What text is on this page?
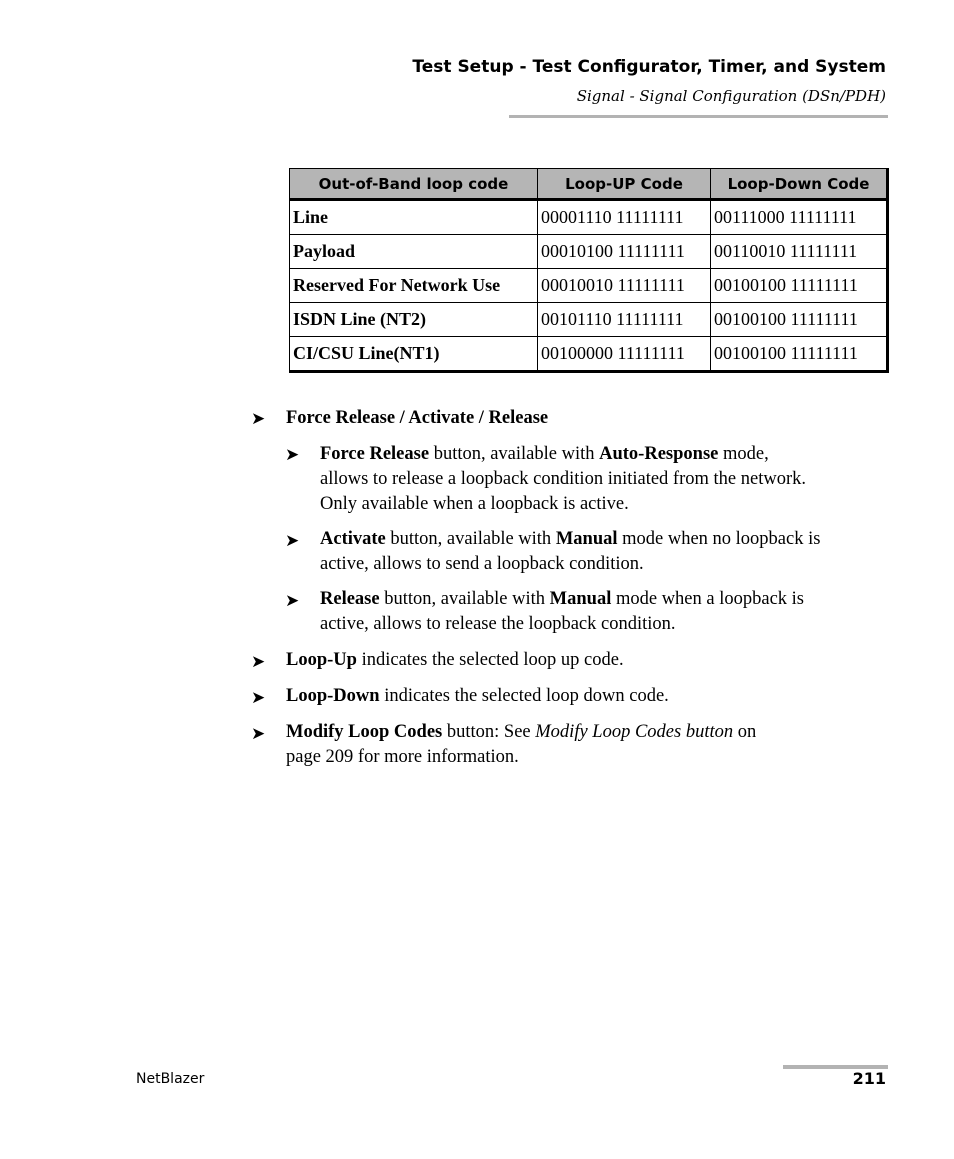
Test Setup - Test Configurator, Timer, and System
Signal - Signal Configuration (DSn/PDH)
Out-of-Band loop code	Loop-UP Code	Loop-Down Code
Line	00001110 11111111	00111000 11111111
Payload	00010100 11111111	00110010 11111111
Reserved For Network Use	00010010 11111111	00100100 11111111
ISDN Line (NT2)	00101110 11111111	00100100 11111111
CI/CSU Line(NT1)	00100000 11111111	00100100 11111111
➤ Force Release / Activate / Release
➤ Force Release button, available with Auto-Response mode,
allows to release a loopback condition initiated from the network.
Only available when a loopback is active.
➤ Activate button, available with Manual mode when no loopback is
active, allows to send a loopback condition.
➤ Release button, available with Manual mode when a loopback is
active, allows to release the loopback condition.
➤ Loop-Up indicates the selected loop up code.
➤ Loop-Down indicates the selected loop down code.
➤ Modify Loop Codes button: See Modify Loop Codes button on
page 209 for more information.
NetBlazer	211
